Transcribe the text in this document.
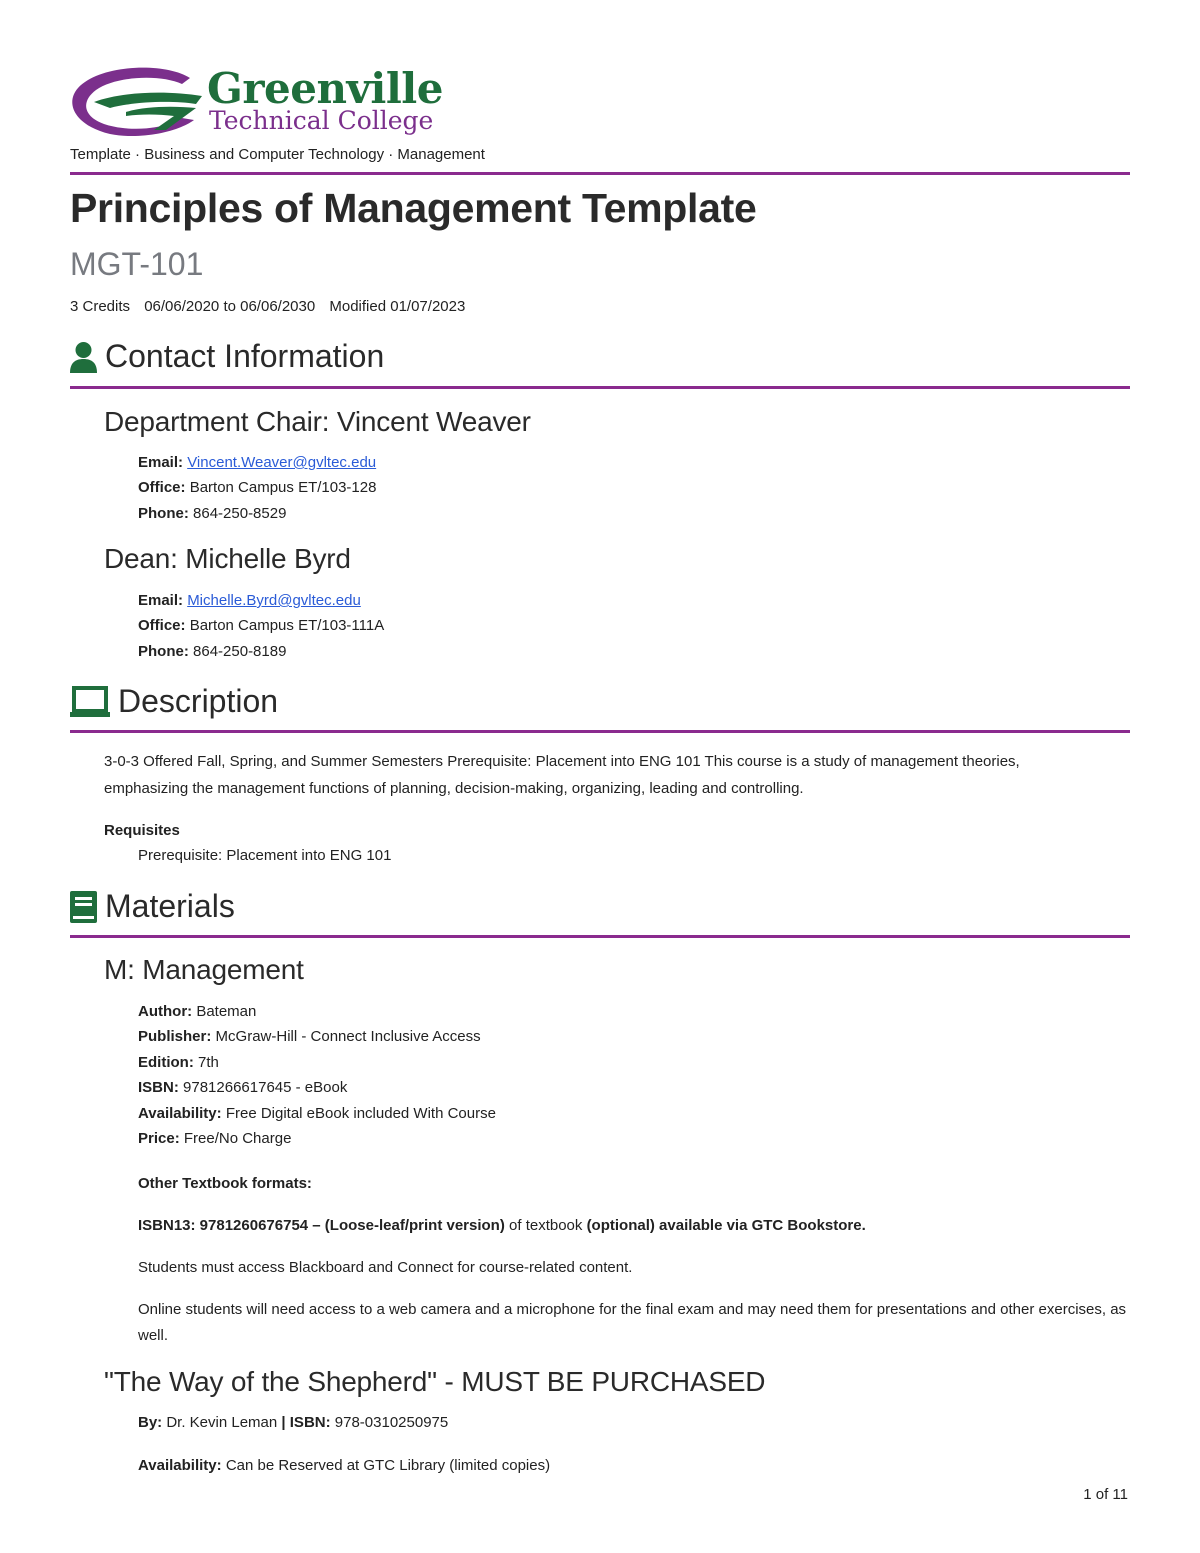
Greenville
Technical College
Template · Business and Computer Technology · Management
Principles of Management Template
MGT-101
3 Credits 06/06/2020 to 06/06/2030 Modified 01/07/2023
Contact Information
Department Chair: Vincent Weaver
Email: Vincent.Weaver@gvltec.edu
Office: Barton Campus ET/103-128
Phone: 864-250-8529
Dean: Michelle Byrd
Email: Michelle.Byrd@gvltec.edu
Office: Barton Campus ET/103-111A
Phone: 864-250-8189
Description
3-0-3 Offered Fall, Spring, and Summer Semesters Prerequisite: Placement into ENG 101 This course is a study of management theories, emphasizing the management functions of planning, decision-making, organizing, leading and controlling.
Requisites
Prerequisite: Placement into ENG 101
Materials
M: Management
Author: Bateman
Publisher: McGraw-Hill - Connect Inclusive Access
Edition: 7th
ISBN: 9781266617645 - eBook
Availability: Free Digital eBook included With Course
Price: Free/No Charge
Other Textbook formats:
ISBN13: 9781260676754 – (Loose-leaf/print version) of textbook (optional) available via GTC Bookstore.
Students must access Blackboard and Connect for course-related content.
Online students will need access to a web camera and a microphone for the final exam and may need them for presentations and other exercises, as well.
"The Way of the Shepherd" - MUST BE PURCHASED
By: Dr. Kevin Leman | ISBN: 978-0310250975
Availability: Can be Reserved at GTC Library (limited copies)
1 of 11
